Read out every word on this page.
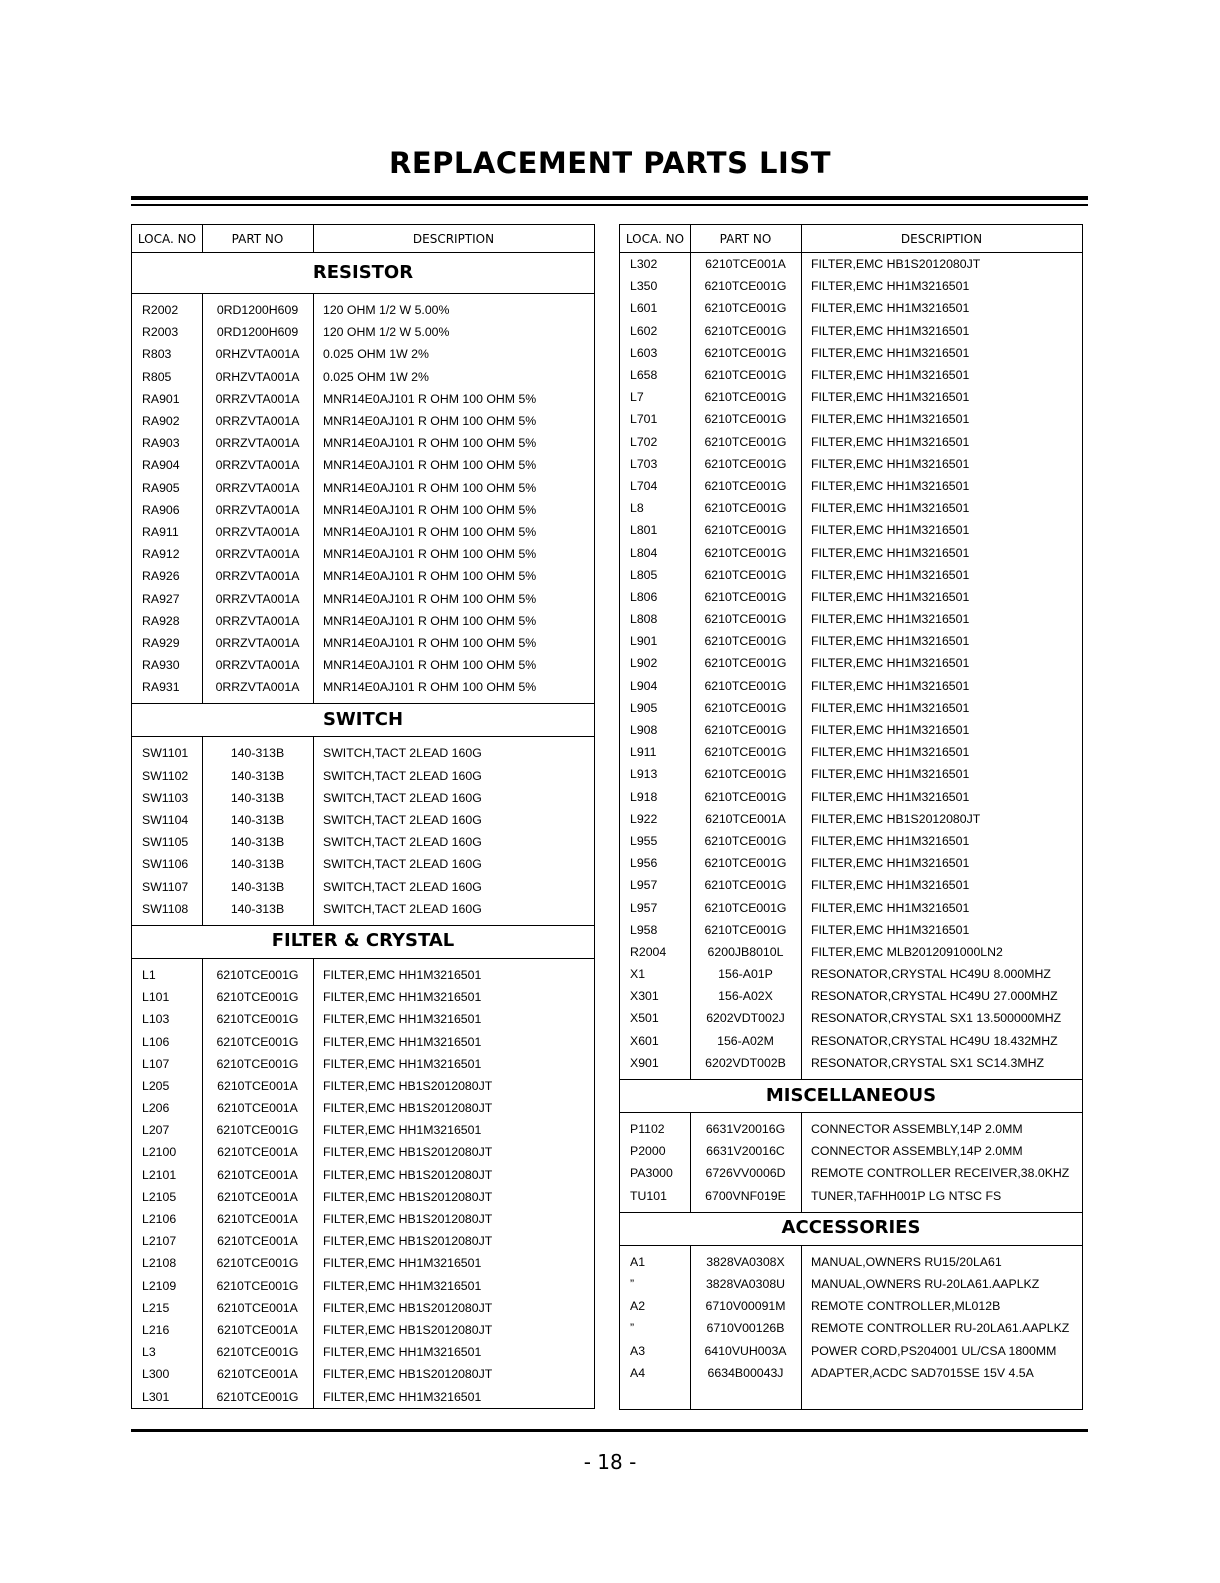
REPLACEMENT PARTS LIST
LOCA. NO	PART NO	DESCRIPTION
RESISTOR
R2002	0RD1200H609	120 OHM 1/2 W 5.00%
R2003	0RD1200H609	120 OHM 1/2 W 5.00%
R803	0RHZVTA001A	0.025 OHM 1W 2%
R805	0RHZVTA001A	0.025 OHM 1W 2%
RA901	0RRZVTA001A	MNR14E0AJ101 R OHM 100 OHM 5%
RA902	0RRZVTA001A	MNR14E0AJ101 R OHM 100 OHM 5%
RA903	0RRZVTA001A	MNR14E0AJ101 R OHM 100 OHM 5%
RA904	0RRZVTA001A	MNR14E0AJ101 R OHM 100 OHM 5%
RA905	0RRZVTA001A	MNR14E0AJ101 R OHM 100 OHM 5%
RA906	0RRZVTA001A	MNR14E0AJ101 R OHM 100 OHM 5%
RA911	0RRZVTA001A	MNR14E0AJ101 R OHM 100 OHM 5%
RA912	0RRZVTA001A	MNR14E0AJ101 R OHM 100 OHM 5%
RA926	0RRZVTA001A	MNR14E0AJ101 R OHM 100 OHM 5%
RA927	0RRZVTA001A	MNR14E0AJ101 R OHM 100 OHM 5%
RA928	0RRZVTA001A	MNR14E0AJ101 R OHM 100 OHM 5%
RA929	0RRZVTA001A	MNR14E0AJ101 R OHM 100 OHM 5%
RA930	0RRZVTA001A	MNR14E0AJ101 R OHM 100 OHM 5%
RA931	0RRZVTA001A	MNR14E0AJ101 R OHM 100 OHM 5%
SWITCH
SW1101	140-313B	SWITCH,TACT 2LEAD 160G
SW1102	140-313B	SWITCH,TACT 2LEAD 160G
SW1103	140-313B	SWITCH,TACT 2LEAD 160G
SW1104	140-313B	SWITCH,TACT 2LEAD 160G
SW1105	140-313B	SWITCH,TACT 2LEAD 160G
SW1106	140-313B	SWITCH,TACT 2LEAD 160G
SW1107	140-313B	SWITCH,TACT 2LEAD 160G
SW1108	140-313B	SWITCH,TACT 2LEAD 160G
FILTER & CRYSTAL
L1	6210TCE001G	FILTER,EMC HH1M3216501
L101	6210TCE001G	FILTER,EMC HH1M3216501
L103	6210TCE001G	FILTER,EMC HH1M3216501
L106	6210TCE001G	FILTER,EMC HH1M3216501
L107	6210TCE001G	FILTER,EMC HH1M3216501
L205	6210TCE001A	FILTER,EMC HB1S2012080JT
L206	6210TCE001A	FILTER,EMC HB1S2012080JT
L207	6210TCE001G	FILTER,EMC HH1M3216501
L2100	6210TCE001A	FILTER,EMC HB1S2012080JT
L2101	6210TCE001A	FILTER,EMC HB1S2012080JT
L2105	6210TCE001A	FILTER,EMC HB1S2012080JT
L2106	6210TCE001A	FILTER,EMC HB1S2012080JT
L2107	6210TCE001A	FILTER,EMC HB1S2012080JT
L2108	6210TCE001G	FILTER,EMC HH1M3216501
L2109	6210TCE001G	FILTER,EMC HH1M3216501
L215	6210TCE001A	FILTER,EMC HB1S2012080JT
L216	6210TCE001A	FILTER,EMC HB1S2012080JT
L3	6210TCE001G	FILTER,EMC HH1M3216501
L300	6210TCE001A	FILTER,EMC HB1S2012080JT
L301	6210TCE001G	FILTER,EMC HH1M3216501
LOCA. NO	PART NO	DESCRIPTION
L302	6210TCE001A	FILTER,EMC HB1S2012080JT
L350	6210TCE001G	FILTER,EMC HH1M3216501
L601	6210TCE001G	FILTER,EMC HH1M3216501
L602	6210TCE001G	FILTER,EMC HH1M3216501
L603	6210TCE001G	FILTER,EMC HH1M3216501
L658	6210TCE001G	FILTER,EMC HH1M3216501
L7	6210TCE001G	FILTER,EMC HH1M3216501
L701	6210TCE001G	FILTER,EMC HH1M3216501
L702	6210TCE001G	FILTER,EMC HH1M3216501
L703	6210TCE001G	FILTER,EMC HH1M3216501
L704	6210TCE001G	FILTER,EMC HH1M3216501
L8	6210TCE001G	FILTER,EMC HH1M3216501
L801	6210TCE001G	FILTER,EMC HH1M3216501
L804	6210TCE001G	FILTER,EMC HH1M3216501
L805	6210TCE001G	FILTER,EMC HH1M3216501
L806	6210TCE001G	FILTER,EMC HH1M3216501
L808	6210TCE001G	FILTER,EMC HH1M3216501
L901	6210TCE001G	FILTER,EMC HH1M3216501
L902	6210TCE001G	FILTER,EMC HH1M3216501
L904	6210TCE001G	FILTER,EMC HH1M3216501
L905	6210TCE001G	FILTER,EMC HH1M3216501
L908	6210TCE001G	FILTER,EMC HH1M3216501
L911	6210TCE001G	FILTER,EMC HH1M3216501
L913	6210TCE001G	FILTER,EMC HH1M3216501
L918	6210TCE001G	FILTER,EMC HH1M3216501
L922	6210TCE001A	FILTER,EMC HB1S2012080JT
L955	6210TCE001G	FILTER,EMC HH1M3216501
L956	6210TCE001G	FILTER,EMC HH1M3216501
L957	6210TCE001G	FILTER,EMC HH1M3216501
L957	6210TCE001G	FILTER,EMC HH1M3216501
L958	6210TCE001G	FILTER,EMC HH1M3216501
R2004	6200JB8010L	FILTER,EMC MLB2012091000LN2
X1	156-A01P	RESONATOR,CRYSTAL HC49U 8.000MHZ
X301	156-A02X	RESONATOR,CRYSTAL HC49U 27.000MHZ
X501	6202VDT002J	RESONATOR,CRYSTAL SX1 13.500000MHZ
X601	156-A02M	RESONATOR,CRYSTAL HC49U 18.432MHZ
X901	6202VDT002B	RESONATOR,CRYSTAL SX1 SC14.3MHZ
MISCELLANEOUS
P1102	6631V20016G	CONNECTOR ASSEMBLY,14P 2.0MM
P2000	6631V20016C	CONNECTOR ASSEMBLY,14P 2.0MM
PA3000	6726VV0006D	REMOTE CONTROLLER RECEIVER,38.0KHZ
TU101	6700VNF019E	TUNER,TAFHH001P LG NTSC FS
ACCESSORIES
A1	3828VA0308X	MANUAL,OWNERS RU15/20LA61
”	3828VA0308U	MANUAL,OWNERS RU-20LA61.AAPLKZ
A2	6710V00091M	REMOTE CONTROLLER,ML012B
”	6710V00126B	REMOTE CONTROLLER RU-20LA61.AAPLKZ
A3	6410VUH003A	POWER CORD,PS204001 UL/CSA 1800MM
A4	6634B00043J	ADAPTER,ACDC SAD7015SE 15V 4.5A
- 18 -
